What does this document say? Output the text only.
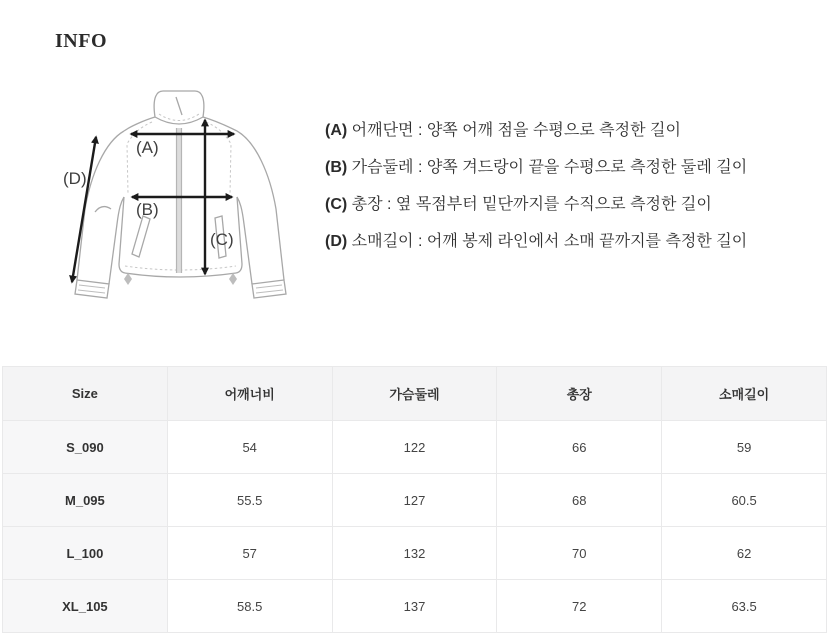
INFO
(A)
(B)
(C)
(D)
(A) 어깨단면 : 양쪽 어깨 점을 수평으로 측정한 길이
(B) 가슴둘레 : 양쪽 겨드랑이 끝을 수평으로 측정한 둘레 길이
(C) 총장 : 옆 목점부터 밑단까지를 수직으로 측정한 길이
(D) 소매길이 : 어깨 봉제 라인에서 소매 끝까지를 측정한 길이
Size	어깨너비	가슴둘레	총장	소매길이
S_090	54	122	66	59
M_095	55.5	127	68	60.5
L_100	57	132	70	62
XL_105	58.5	137	72	63.5
